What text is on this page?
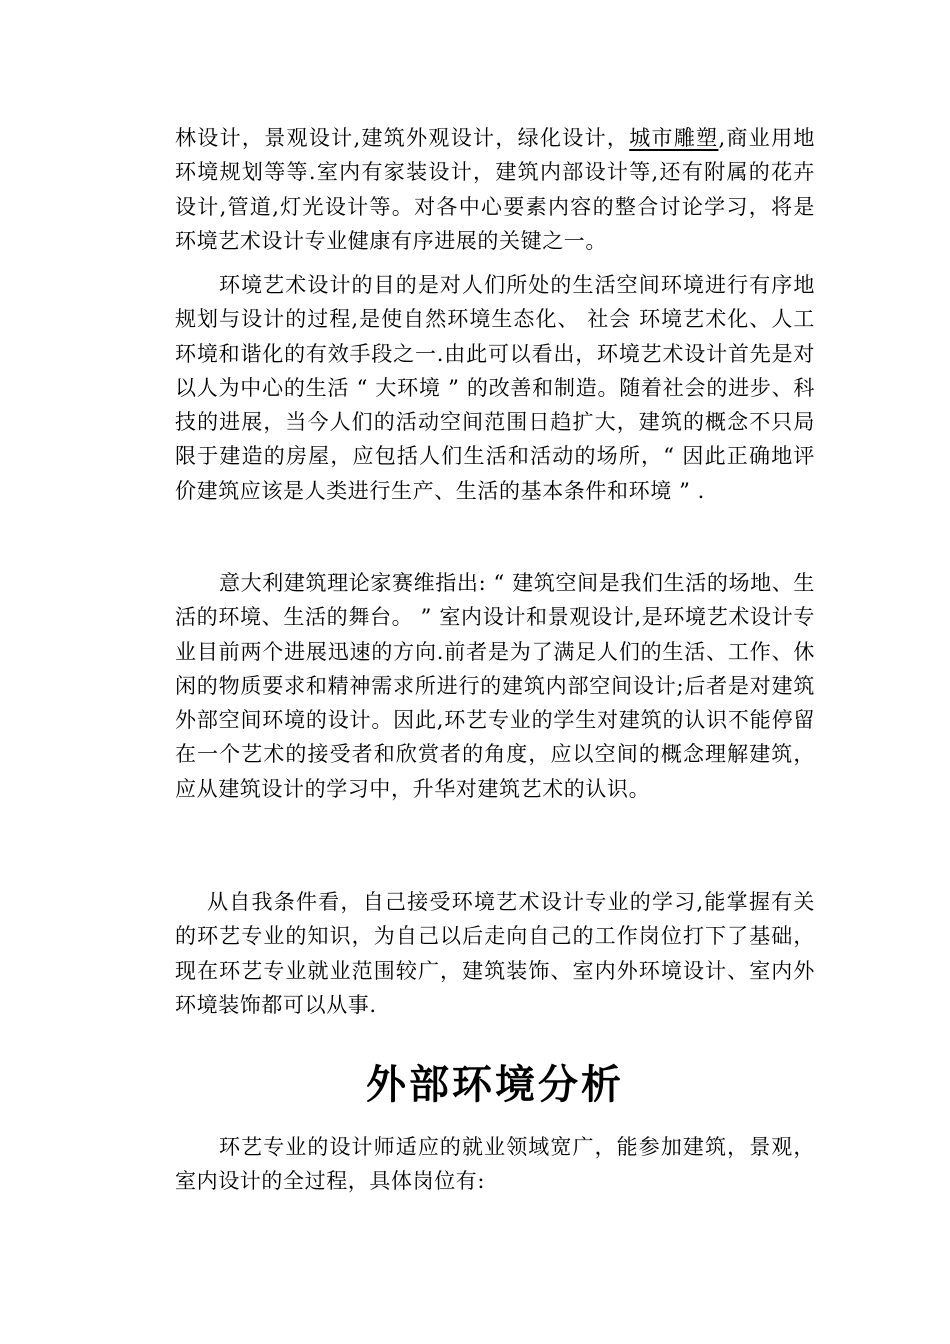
林设计，景观设计,建筑外观设计，绿化设计，城市雕塑,商业用地环境规划等等.室内有家装设计，建筑内部设计等,还有附属的花卉设计,管道,灯光设计等。对各中心要素内容的整合讨论学习，将是环境艺术设计专业健康有序进展的关键之一。

环境艺术设计的目的是对人们所处的生活空间环境进行有序地规划与设计的过程,是使自然环境生态化、 社会 环境艺术化、人工环境和谐化的有效手段之一.由此可以看出，环境艺术设计首先是对以人为中心的生活 “ 大环境 ” 的改善和制造。随着社会的进步、科技的进展，当今人们的活动空间范围日趋扩大，建筑的概念不只局限于建造的房屋，应包括人们生活和活动的场所，“ 因此正确地评价建筑应该是人类进行生产、生活的基本条件和环境 ” .

意大利建筑理论家赛维指出: “ 建筑空间是我们生活的场地、生活的环境、生活的舞台。 ” 室内设计和景观设计,是环境艺术设计专业目前两个进展迅速的方向.前者是为了满足人们的生活、工作、休闲的物质要求和精神需求所进行的建筑内部空间设计;后者是对建筑外部空间环境的设计。因此,环艺专业的学生对建筑的认识不能停留在一个艺术的接受者和欣赏者的角度，应以空间的概念理解建筑，应从建筑设计的学习中，升华对建筑艺术的认识。

从自我条件看，自己接受环境艺术设计专业的学习,能掌握有关的环艺专业的知识，为自己以后走向自己的工作岗位打下了基础，现在环艺专业就业范围较广，建筑装饰、室内外环境设计、室内外环境装饰都可以从事.

外部环境分析

环艺专业的设计师适应的就业领域宽广，能参加建筑，景观，室内设计的全过程，具体岗位有:
